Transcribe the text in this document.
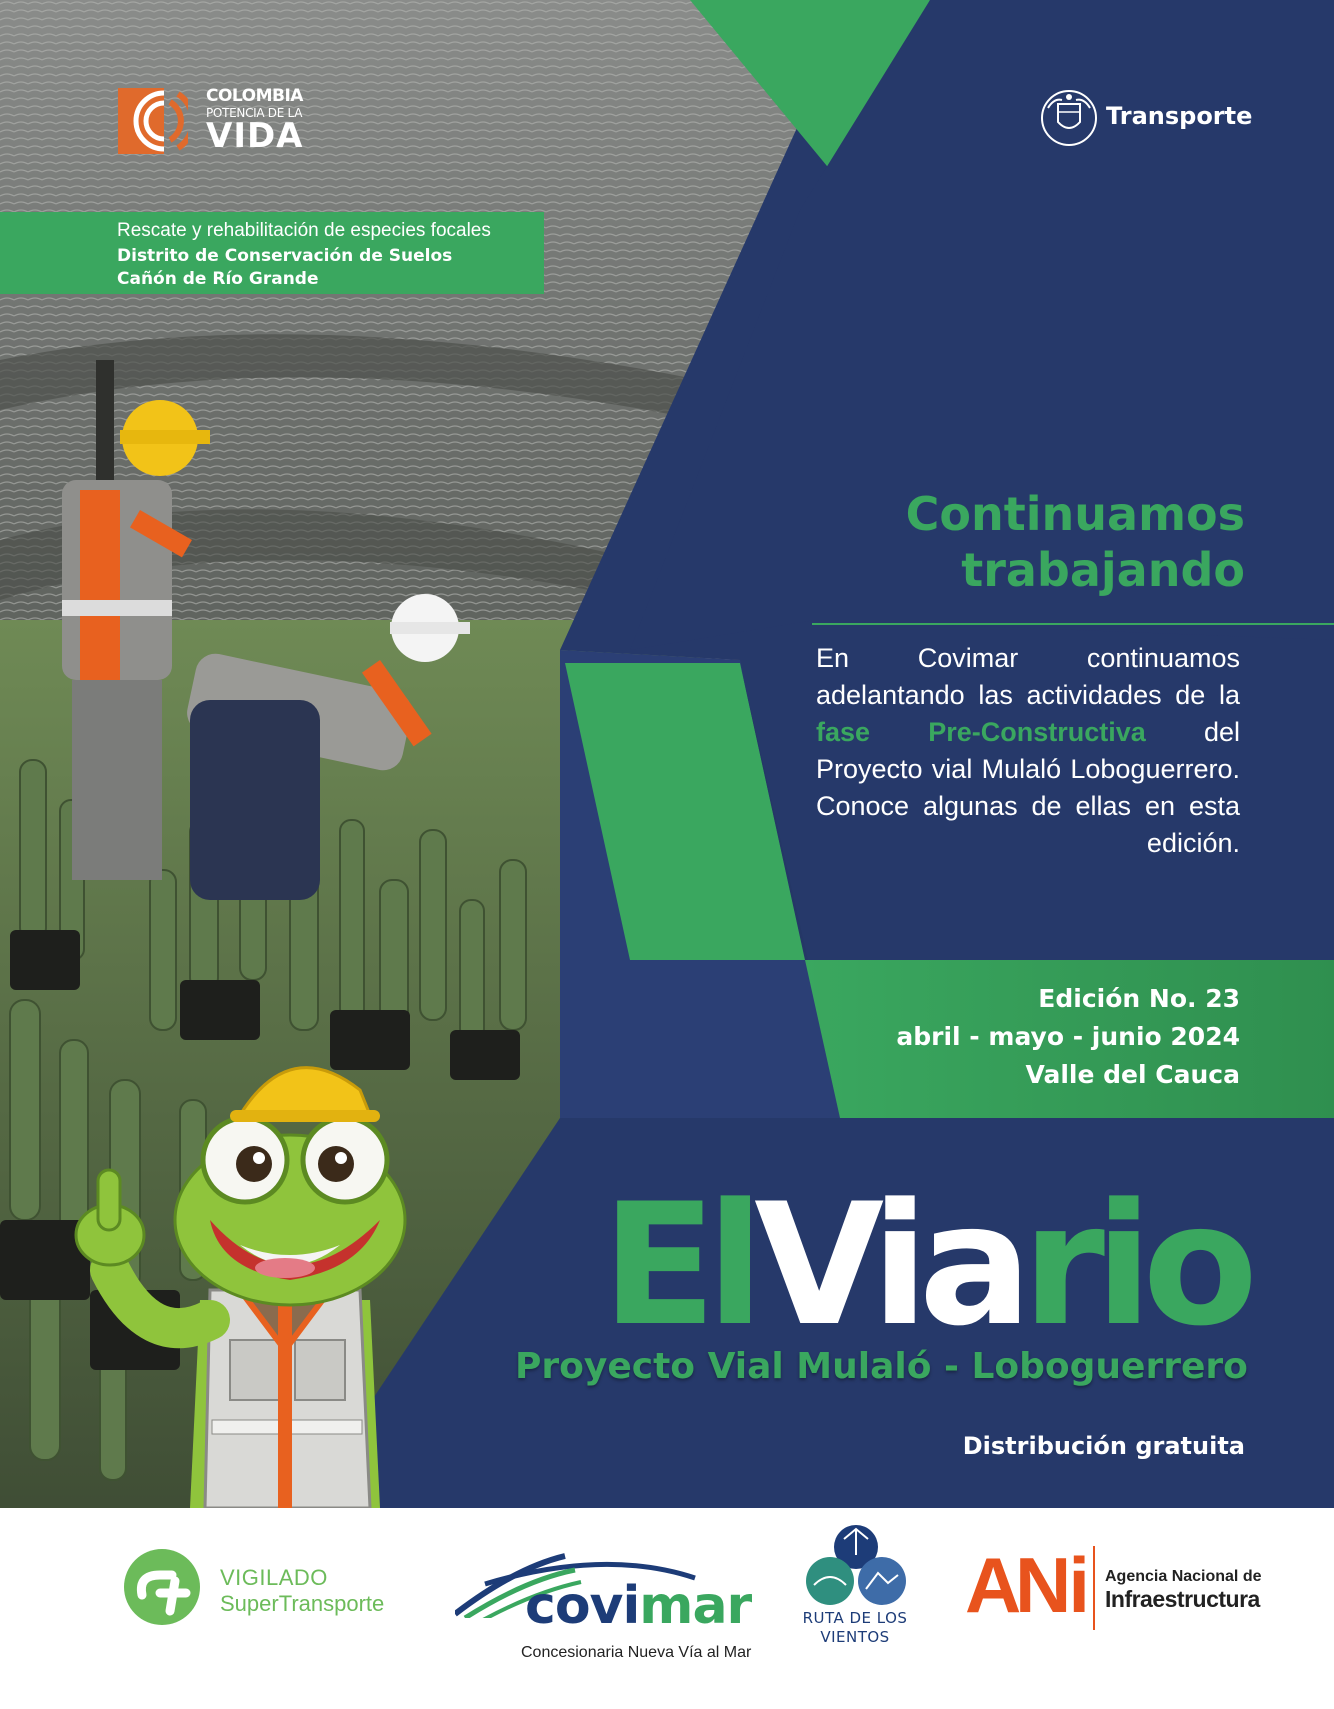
COLOMBIA
POTENCIA DE LA
VIDA	Transporte
Rescate y rehabilitación de especies focales
Distrito de Conservación de Suelos
Cañón de Río Grande
Continuamos
trabajando
En Covimar continuamos adelantando las actividades de la fase Pre-Constructiva del Proyecto vial Mulaló Loboguerrero. Conoce algunas de ellas en esta edición.
Edición No. 23
abril - mayo - junio 2024
Valle del Cauca
ElViario
Proyecto Vial Mulaló - Loboguerrero
Distribución gratuita
VIGILADO
SuperTransporte	covimar
Concesionaria Nueva Vía al Mar
RUTA DE LOS
VIENTOS
A
Ni Agencia Nacional de
Infraestructura
